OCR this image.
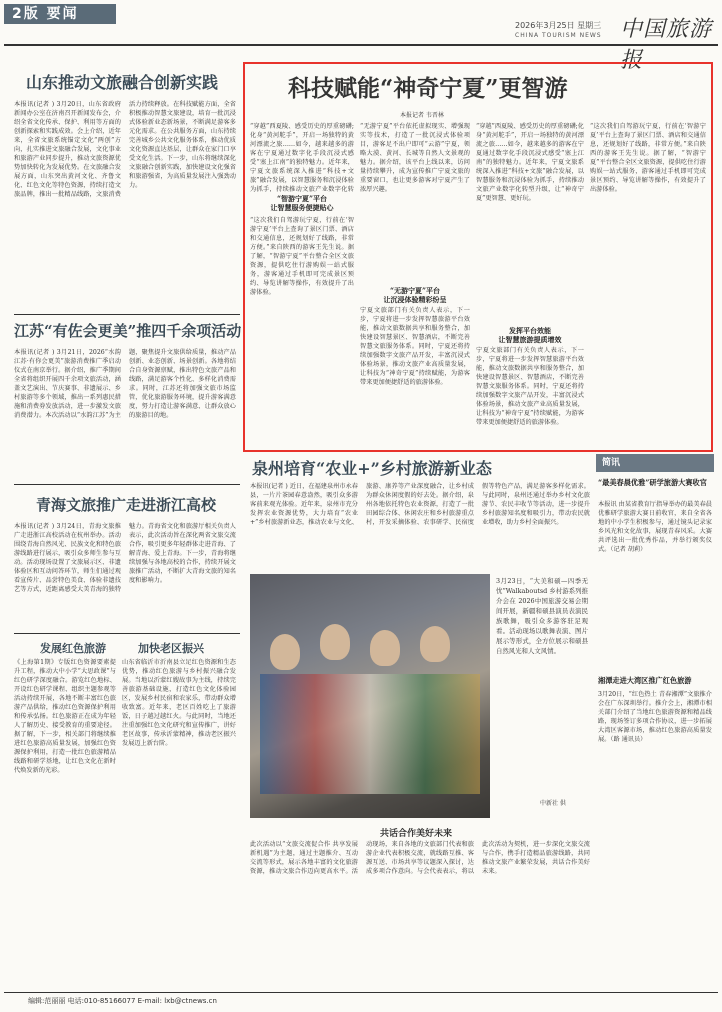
2版 要闻
2026年3月25日 星期三
CHINA TOURISM NEWS 中国旅游报
山东推动文旅融合创新实践
本报讯(记者 ) 3月20日，山东省政府新闻办公室在济南召开新闻发布会，介绍全省文化传承、保护、利用等方面的创新探索和实践成效。会上介绍，近年来，全省文旅系统锚定文化“两创”方向，扎实推进文旅融合发展，文化事业和旅游产业同步提升，推动文旅资源优势加快转化为发展优势。在文旅融合发展方面，山东突出黄河文化、齐鲁文化、红色文化等特色资源，持续打造文旅品牌，推出一批精品线路，文旅消费活力持续释放。在科技赋能方面，全省积极推动智慧文旅建设，培育一批沉浸式体验新业态新场景，不断满足游客多元化需求。在公共服务方面，山东持续完善城乡公共文化服务体系，推动优质文化资源直达基层，让群众在家门口享受文化生活。下一步，山东将继续深化文旅融合创新实践，加快建设文化强省和旅游强省，为高质量发展注入强劲动力。
江苏“有佐会更美”推四千余项活动
本报讯(记者 ) 3月21日，2026“水韵江苏·有你会更美”旅游消费推广季启动仪式在南京举行。据介绍，推广季期间全省将组织开展四千余项文旅活动，涵盖文艺演出、节庆赛事、非遗展示、乡村旅游等多个领域，推出一系列惠民措施和消费券发放活动，进一步激发文旅消费潜力。本次活动以“水韵江苏”为主题，聚焦提升文旅供给质量，推动产品创新、业态创新、场景创新。各地将结合自身资源禀赋，推出特色文旅产品和线路，满足游客个性化、多样化消费需求。同时，江苏还将加强文旅市场监管，优化旅游服务环境，提升游客满意度，努力打造让游客满意、让群众放心的旅游目的地。
青海文旅推广走进浙江高校
本报讯(记者 ) 3月24日，青海文旅推广走进浙江高校活动在杭州举办。活动围绕青海自然风光、民族文化和特色旅游线路进行展示，吸引众多师生参与互动。活动现场设置了文旅展示区、非遗体验区和互动问答环节，师生们通过观看宣传片、品尝特色美食、体验非遗技艺等方式，近距离感受大美青海的独特魅力。青海省文化和旅游厅相关负责人表示，此次活动旨在深化两省文旅交流合作，吸引更多年轻群体走进青海、了解青海、爱上青海。下一步，青海将继续加强与各地高校的合作，持续开展文旅推广活动，不断扩大青海文旅的知名度和影响力。
发展红色旅游	加快老区振兴
《上海第1期》专版红色资源要素提升工程，推动大中小学“大思政课”与红色研学深度融合。游览红色地标、开设红色研学课程、组织主题参观等活动持续开展，各地不断丰富红色旅游产品供给，推动红色资源保护利用和传承弘扬。红色旅游正在成为年轻人了解历史、接受教育的重要途径。据了解，下一步，相关部门将继续推进红色旅游高质量发展，加强红色资源保护利用，打造一批红色旅游精品线路和研学基地，让红色文化在新时代焕发新的光彩。
山东省临沂市沂南县立足红色资源和生态优势，推动红色旅游与乡村振兴融合发展。当地以沂蒙红嫂故事为主线，持续完善旅游基础设施，打造红色文化体验园区，发展乡村民宿和农家乐，带动群众增收致富。近年来，老区百姓吃上了旅游饭，日子越过越红火。与此同时，当地还注重加强红色文化研究和宣传推广，讲好老区故事，传承沂蒙精神，推动老区振兴发展迈上新台阶。
科技赋能“神奇宁夏”更智游
本报记者 韦晋林
“穿越”西夏陵、感受历史的厚重磅礴;化身“黄河舵手”，开启一场独特的黄河漂流之旅……如今，越来越多的游客在宁夏通过数字化手段沉浸式感受“塞上江南”的独特魅力。近年来，宁夏文旅系统深入推进“科技+文旅”融合发展，以智慧服务和沉浸体验为抓手，持续推动文旅产业数字化转
“智游宁夏”平台
让智慧服务便捷贴心
“这次我们自驾游玩宁夏，行前在‘智游宁夏’平台上查询了景区门票、酒店和交通信息，还规划好了线路，非常方便。”来自陕西的游客王先生说。据了解，“智游宁夏”平台整合全区文旅资源，提供吃住行游购娱一站式服务，游客通过手机即可完成景区预约、导览讲解等操作，有效提升了出游体验。
“无游宁夏”平台依托虚拟现实、增强现实等技术，打造了一批沉浸式体验项目，游客足不出户即可“云游”宁夏，领略大漠、黄河、长城等自然人文景观的魅力。据介绍，该平台上线以来，访问量持续攀升，成为宣传推广宁夏文旅的重要窗口，也让更多游客对宁夏产生了浓厚兴趣。
“无游宁夏”平台
让沉浸体验精彩纷呈
宁夏文旅部门有关负责人表示，下一步，宁夏将进一步发挥智慧旅游平台效能，推动文旅数据共享和服务整合，加快建设智慧景区、智慧酒店，不断完善智慧文旅服务体系。同时，宁夏还将持续加强数字文旅产品开发，丰富沉浸式体验场景，推动文旅产业高质量发展，让科技为“神奇宁夏”持续赋能，为游客带来更加便捷舒适的旅游体验。
“穿越”西夏陵、感受历史的厚重磅礴;化身“黄河舵手”，开启一场独特的黄河漂流之旅……如今，越来越多的游客在宁夏通过数字化手段沉浸式感受“塞上江南”的独特魅力。近年来，宁夏文旅系统深入推进“科技+文旅”融合发展，以智慧服务和沉浸体验为抓手，持续推动文旅产业数字化转型升级，让“神奇宁夏”更智慧、更好玩。
发挥平台效能
让智慧旅游提质增效
宁夏文旅部门有关负责人表示，下一步，宁夏将进一步发挥智慧旅游平台效能，推动文旅数据共享和服务整合，加快建设智慧景区、智慧酒店，不断完善智慧文旅服务体系。同时，宁夏还将持续加强数字文旅产品开发，丰富沉浸式体验场景，推动文旅产业高质量发展，让科技为“神奇宁夏”持续赋能，为游客带来更加便捷舒适的旅游体验。
“这次我们自驾游玩宁夏，行前在‘智游宁夏’平台上查询了景区门票、酒店和交通信息，还规划好了线路，非常方便。”来自陕西的游客王先生说。据了解，“智游宁夏”平台整合全区文旅资源，提供吃住行游购娱一站式服务，游客通过手机即可完成景区预约、导览讲解等操作，有效提升了出游体验。
泉州培育“农业+”乡村旅游新业态
本报讯(记者 ) 近日，在福建泉州市永春县，一片片茶园春意盎然，吸引众多游客前来观光体验。近年来，泉州市充分发挥农业资源优势，大力培育“农业+”乡村旅游新业态，推动农业与文化、旅游、康养等产业深度融合，让乡村成为群众休闲度假的好去处。据介绍，泉州各地依托特色农业资源，打造了一批田园综合体、休闲农庄和乡村旅游重点村，开发采摘体验、农事研学、民宿度假等特色产品，满足游客多样化需求。与此同时，泉州还通过举办乡村文化旅游节、农民丰收节等活动，进一步提升乡村旅游知名度和吸引力，带动农民就业增收，助力乡村全面振兴。
3月23日，“大美和硕—四季无忧”Walkaboutsd 乡村游系列推介会在 2026中国旅游交易会期间开展，新疆和硕县演员表演民族歌舞，吸引众多游客驻足观看。活动现场以歌舞表演、图片展示等形式，全方位展示和硕县自然风光和人文风情。
中新社 供
共话合作美好未来
此次活动以“文旅交流促合作 共享发展新机遇”为主题，通过主题推介、互动交流等形式，展示各地丰富的文化旅游资源，推动文旅合作迈向更高水平。活动现场，来自各地的文旅部门代表和旅游企业代表积极交流，就线路互推、客源互送、市场共享等议题深入探讨，达成多项合作意向。与会代表表示，将以此次活动为契机，进一步深化文旅交流与合作，携手打造精品旅游线路，共同推动文旅产业繁荣发展，共话合作美好未来。
简讯
“最美春晨优雅”研学旅游大赛收官
本报讯 由某省教育厅指导举办的最美春晨优雅研学旅游大赛日前收官，来自全省各地的中小学生积极参与，通过镜头记录家乡风光和文化故事，展现青春风采。大赛共评选出一批优秀作品，并举行颁奖仪式。（记者 胡莉）
湘潭走进大湾区推广红色旅游
3月20日，“红色热土 青春湘潭”文旅推介会在广东深圳举行。推介会上，湘潭市相关部门介绍了当地红色旅游资源和精品线路，现场签订多项合作协议，进一步拓展大湾区客源市场，推动红色旅游高质量发展。（路 通讯员）
编辑:范丽丽 电话:010-85166077 E-mail: lxb@ctnews.cn
